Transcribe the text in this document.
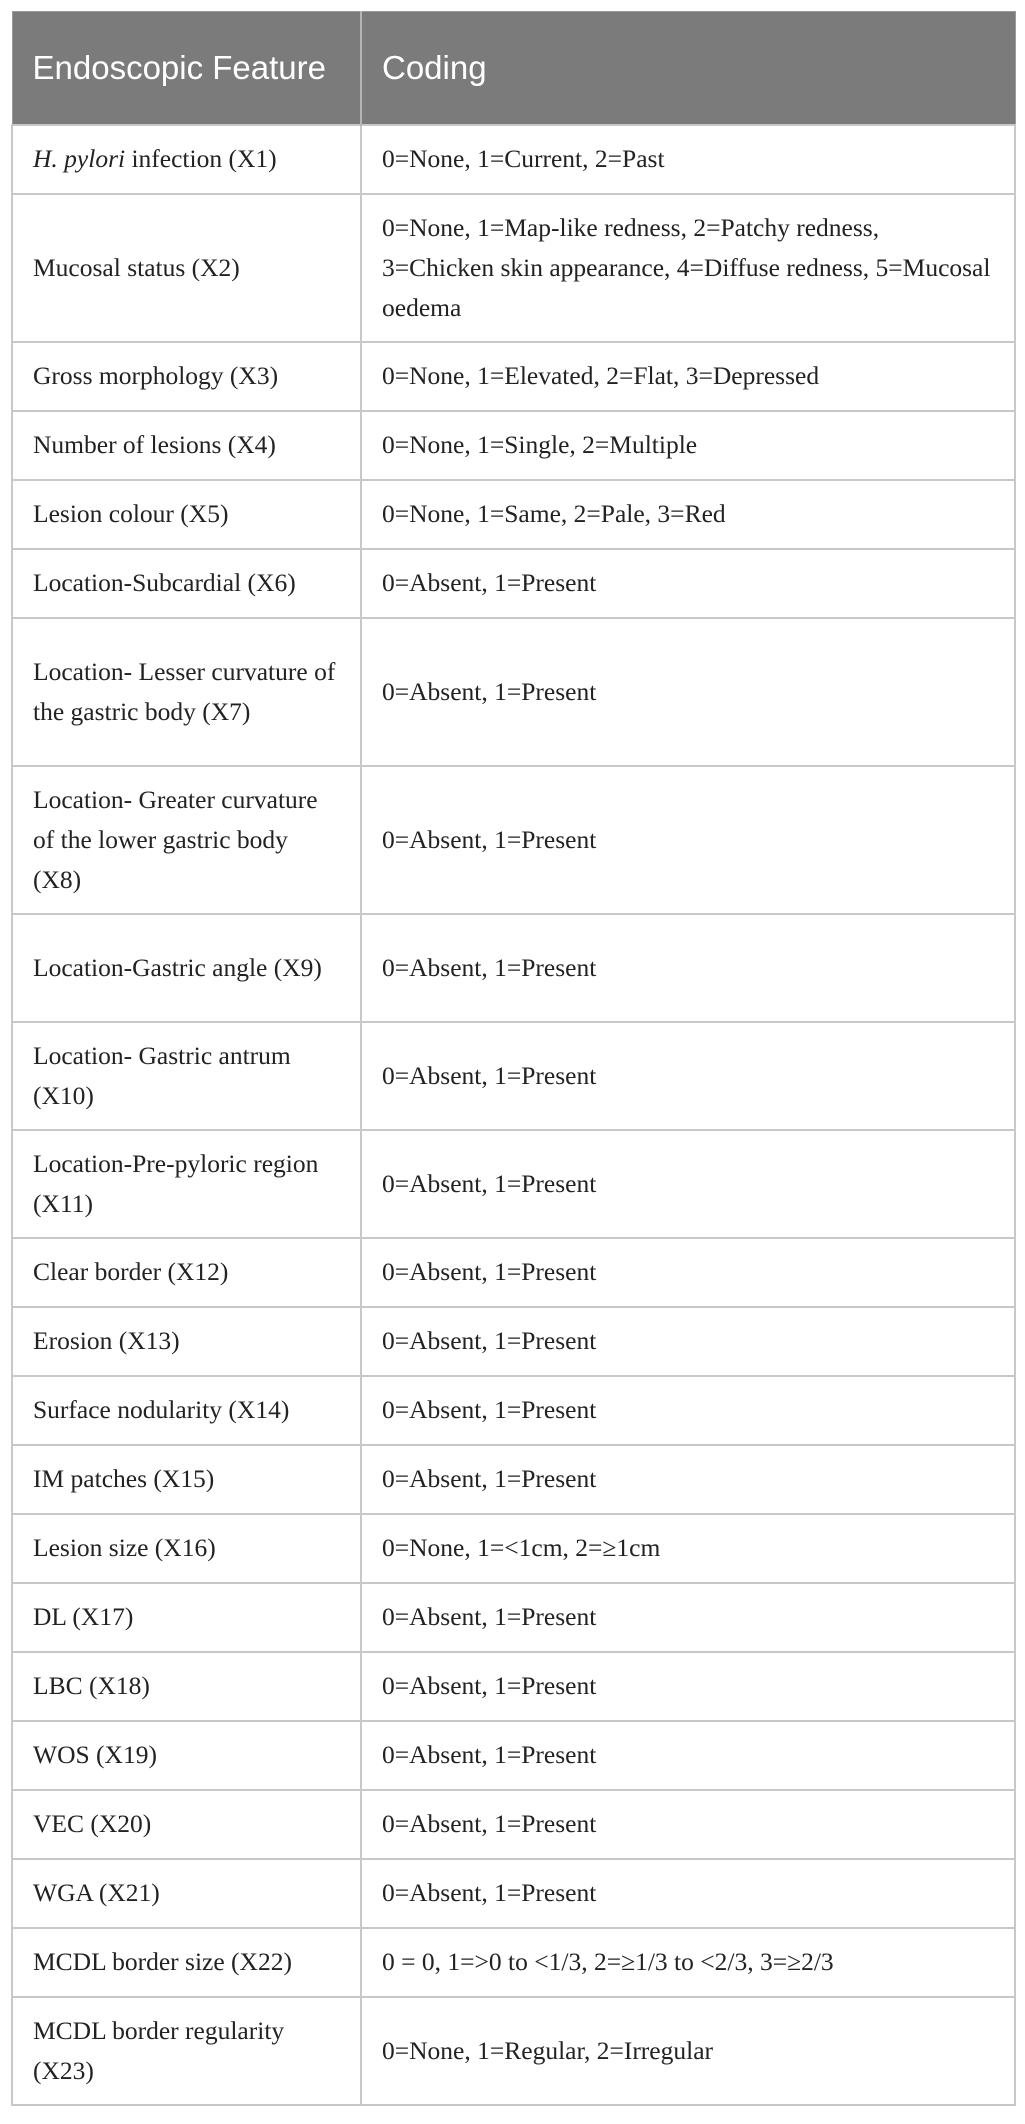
Endoscopic Feature	Coding
H. pylori infection (X1)	0=None, 1=Current, 2=Past
Mucosal status (X2)	0=None, 1=Map-like redness, 2=Patchy redness, 3=Chicken skin appearance, 4=Diffuse redness, 5=Mucosal oedema
Gross morphology (X3)	0=None, 1=Elevated, 2=Flat, 3=Depressed
Number of lesions (X4)	0=None, 1=Single, 2=Multiple
Lesion colour (X5)	0=None, 1=Same, 2=Pale, 3=Red
Location-Subcardial (X6)	0=Absent, 1=Present
Location- Lesser curvature of the gastric body (X7)	0=Absent, 1=Present
Location- Greater curvature of the lower gastric body (X8)	0=Absent, 1=Present
Location-Gastric angle (X9)	0=Absent, 1=Present
Location- Gastric antrum (X10)	0=Absent, 1=Present
Location-Pre-pyloric region (X11)	0=Absent, 1=Present
Clear border (X12)	0=Absent, 1=Present
Erosion (X13)	0=Absent, 1=Present
Surface nodularity (X14)	0=Absent, 1=Present
IM patches (X15)	0=Absent, 1=Present
Lesion size (X16)	0=None, 1=<1cm, 2=≥1cm
DL (X17)	0=Absent, 1=Present
LBC (X18)	0=Absent, 1=Present
WOS (X19)	0=Absent, 1=Present
VEC (X20)	0=Absent, 1=Present
WGA (X21)	0=Absent, 1=Present
MCDL border size (X22)	0 = 0, 1=>0 to <1/3, 2=≥1/3 to <2/3, 3=≥2/3
MCDL border regularity (X23)	0=None, 1=Regular, 2=Irregular
